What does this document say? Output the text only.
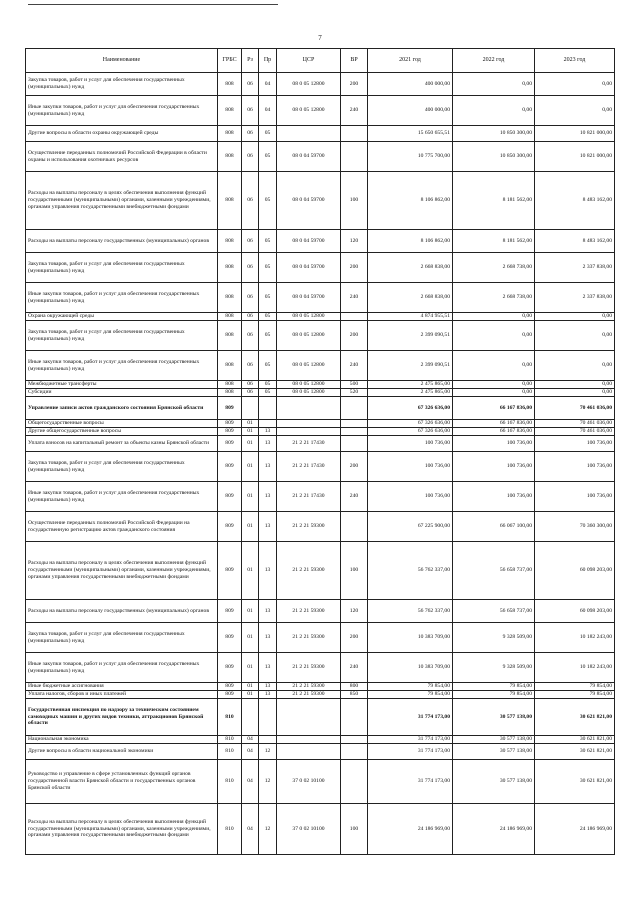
7
Наименование	ГРБС	Рз	Пр	ЦСР	ВР	2021 год	2022 год	2023 год
Закупка товаров, работ и услуг для обеспечения государственных (муниципальных) нужд	808	06	04	08 0 05 12800	200	400 000,00	0,00	0,00
Иные закупки товаров, работ и услуг для обеспечения государственных (муниципальных) нужд	808	06	04	08 0 05 12800	240	400 000,00	0,00	0,00
Другие вопросы в области охраны окружающей среды	808	06	05			15 650 655,51	10 850 300,00	10 821 000,00
Осуществление переданных полномочий Российской Федерации в области охраны и использования охотничьих ресурсов	808	06	05	08 0 04 59700		10 775 700,00	10 850 300,00	10 821 000,00
Расходы на выплаты персоналу в целях обеспечения выполнения функций государственными (муниципальными) органами, казенными учреждениями, органами управления государственными внебюджетными фондами	808	06	05	08 0 04 59700	100	8 106 862,00	8 181 562,00	8 483 162,00
Расходы на выплаты персоналу государственных (муниципальных) органов	808	06	05	08 0 04 59700	120	8 106 862,00	8 181 562,00	8 483 162,00
Закупка товаров, работ и услуг для обеспечения государственных (муниципальных) нужд	808	06	05	08 0 04 59700	200	2 668 838,00	2 668 738,00	2 337 838,00
Иные закупки товаров, работ и услуг для обеспечения государственных (муниципальных) нужд	808	06	05	08 0 04 59700	240	2 668 838,00	2 668 738,00	2 337 838,00
Охрана окружающей среды	808	06	05	08 0 05 12800		4 874 955,51	0,00	0,00
Закупка товаров, работ и услуг для обеспечения государственных (муниципальных) нужд	808	06	05	08 0 05 12800	200	2 399 090,51	0,00	0,00
Иные закупки товаров, работ и услуг для обеспечения государственных (муниципальных) нужд	808	06	05	08 0 05 12800	240	2 399 090,51	0,00	0,00
Межбюджетные трансферты	808	06	05	08 0 05 12800	500	2 475 865,00	0,00	0,00
Субсидии	808	06	05	08 0 05 12800	520	2 475 865,00	0,00	0,00
Управление записи актов гражданского состояния Брянской области	809					67 326 636,00	66 167 836,00	70 461 036,00
Общегосударственные вопросы	809	01				67 326 636,00	66 167 836,00	70 461 036,00
Другие общегосударственные вопросы	809	01	13			67 326 636,00	66 167 836,00	70 461 036,00
Уплата взносов на капитальный ремонт за объекты казны Брянской области	809	01	13	21 2 21 17430		100 736,00	100 736,00	100 736,00
Закупка товаров, работ и услуг для обеспечения государственных (муниципальных) нужд	809	01	13	21 2 21 17430	200	100 736,00	100 736,00	100 736,00
Иные закупки товаров, работ и услуг для обеспечения государственных (муниципальных) нужд	809	01	13	21 2 21 17430	240	100 736,00	100 736,00	100 736,00
Осуществление переданных полномочий Российской Федерации на государственную регистрацию актов гражданского состояния	809	01	13	21 2 21 59300		67 225 900,00	66 067 100,00	70 360 300,00
Расходы на выплаты персоналу в целях обеспечения выполнения функций государственными (муниципальными) органами, казенными учреждениями, органами управления государственными внебюджетными фондами	809	01	13	21 2 21 59300	100	56 762 337,00	56 658 737,00	60 098 203,00
Расходы на выплаты персоналу государственных (муниципальных) органов	809	01	13	21 2 21 59300	120	56 762 337,00	56 658 737,00	60 098 203,00
Закупка товаров, работ и услуг для обеспечения государственных (муниципальных) нужд	809	01	13	21 2 21 59300	200	10 383 709,00	9 328 509,00	10 182 243,00
Иные закупки товаров, работ и услуг для обеспечения государственных (муниципальных) нужд	809	01	13	21 2 21 59300	240	10 383 709,00	9 328 509,00	10 182 243,00
Иные бюджетные ассигнования	809	01	13	21 2 21 59300	800	79 854,00	79 854,00	79 854,00
Уплата налогов, сборов и иных платежей	809	01	13	21 2 21 59300	850	79 854,00	79 854,00	79 854,00
Государственная инспекция по надзору за техническим состоянием самоходных машин и других видов техники, аттракционов Брянской области	810					31 774 173,00	30 577 138,00	30 621 821,00
Национальная экономика	810	04				31 774 173,00	30 577 138,00	30 621 821,00
Другие вопросы в области национальной экономики	810	04	12			31 774 173,00	30 577 138,00	30 621 821,00
Руководство и управление в сфере установленных функций органов государственной власти Брянской области и государственных органов Брянской области	810	04	12	37 0 02 10100		31 774 173,00	30 577 138,00	30 621 821,00
Расходы на выплаты персоналу в целях обеспечения выполнения функций государственными (муниципальными) органами, казенными учреждениями, органами управления государственными внебюджетными фондами	810	04	12	37 0 02 10100	100	24 186 969,00	24 186 969,00	24 186 969,00
